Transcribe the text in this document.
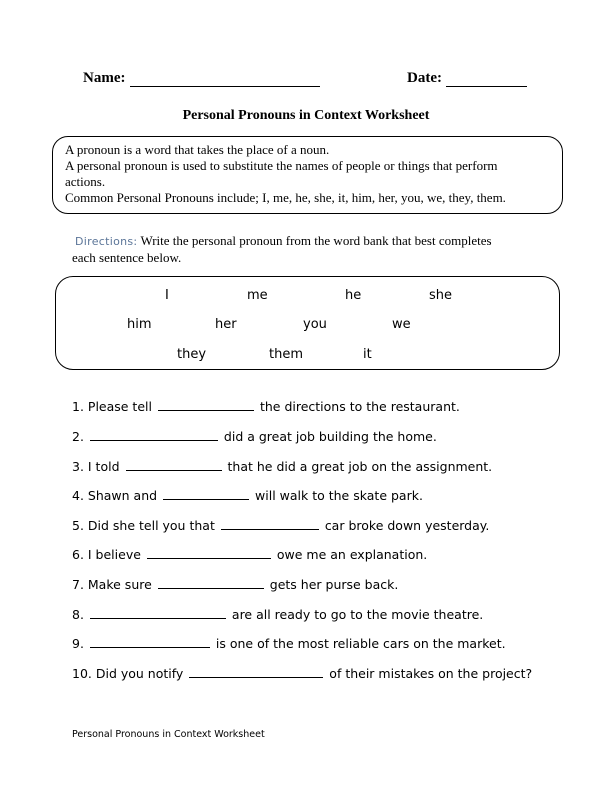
Name:	Date:
Personal Pronouns in Context Worksheet
A pronoun is a word that takes the place of a noun.
A personal pronoun is used to substitute the names of people or things that perform
actions.
Common Personal Pronouns include; I, me, he, she, it, him, her, you, we, they, them.
Directions: Write the personal pronoun from the word bank that best completes
each sentence below.
I	me	he	she
him	her	you	we
they	them	it
1. Please tell	the directions to the restaurant.
2.	did a great job building the home.
3. I told	that he did a great job on the assignment.
4. Shawn and	will walk to the skate park.
5. Did she tell you that	car broke down yesterday.
6. I believe	owe me an explanation.
7. Make sure	gets her purse back.
8.	are all ready to go to the movie theatre.
9.	is one of the most reliable cars on the market.
10. Did you notify	of their mistakes on the project?
Personal Pronouns in Context Worksheet
